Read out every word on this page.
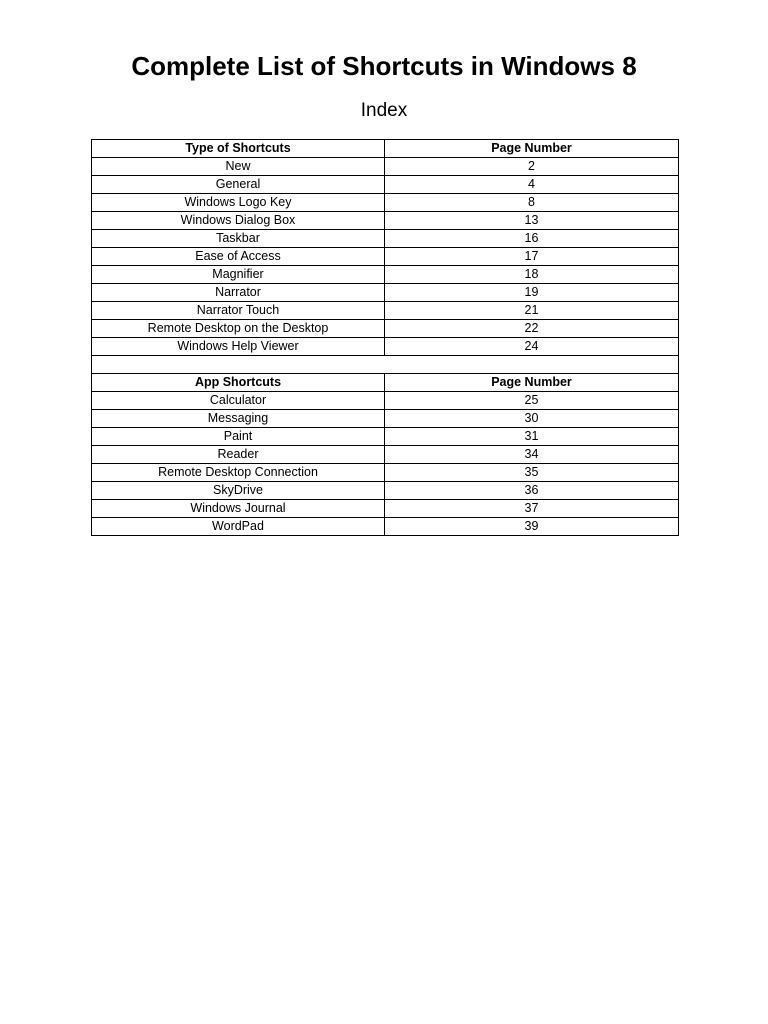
Complete List of Shortcuts in Windows 8
Index
Type of Shortcuts	Page Number
New	2
General	4
Windows Logo Key	8
Windows Dialog Box	13
Taskbar	16
Ease of Access	17
Magnifier	18
Narrator	19
Narrator Touch	21
Remote Desktop on the Desktop	22
Windows Help Viewer	24

App Shortcuts	Page Number
Calculator	25
Messaging	30
Paint	31
Reader	34
Remote Desktop Connection	35
SkyDrive	36
Windows Journal	37
WordPad	39
